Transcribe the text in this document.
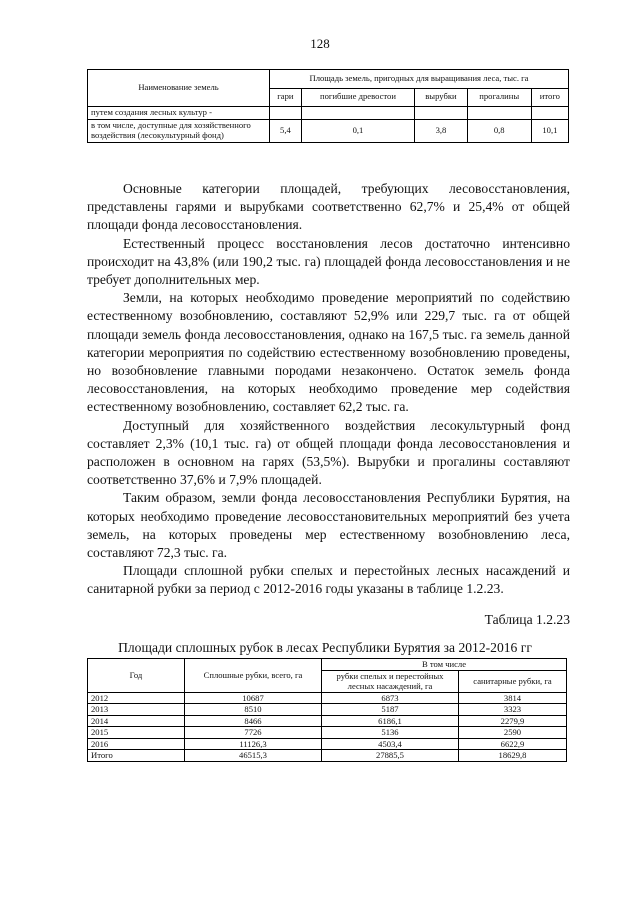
128
Наименование земель	Площадь земель, пригодных для выращивания леса, тыс. га				
	гари	погибшие древостои	вырубки	прогалины	итого
путем создания лесных культур -					
в том числе, доступные для хозяйственного воздействия (лесокультурный фонд)	5,4	0,1	3,8	0,8	10,1

Основные категории площадей, требующих лесовосстановления, представлены гарями и вырубками соответственно 62,7% и 25,4% от общей площади фонда лесовосстановления.

Естественный процесс восстановления лесов достаточно интенсивно происходит на 43,8% (или 190,2 тыс. га) площадей фонда лесовосстановления и не требует дополнительных мер.

Земли, на которых необходимо проведение мероприятий по содействию естественному возобновлению, составляют 52,9% или 229,7 тыс. га от общей площади земель фонда лесовосстановления, однако на 167,5 тыс. га земель данной категории мероприятия по содействию естественному возобновлению проведены, но возобновление главными породами незакончено. Остаток земель фонда лесовосстановления, на которых необходимо проведение мер содействия естественному возобновлению, составляет 62,2 тыс. га.

Доступный для хозяйственного воздействия лесокультурный фонд составляет 2,3% (10,1 тыс. га) от общей площади фонда лесовосстановления и расположен в основном на гарях (53,5%). Вырубки и прогалины составляют соответственно 37,6% и 7,9% площадей.

Таким образом, земли фонда лесовосстановления Республики Бурятия, на которых необходимо проведение лесовосстановительных мероприятий без учета земель, на которых проведены мер естественному возобновлению леса, составляют 72,3 тыс. га.

Площади сплошной рубки спелых и перестойных лесных насаждений и санитарной рубки за период с 2012-2016 годы указаны в таблице 1.2.23.

Таблица 1.2.23
Площади сплошных рубок в лесах Республики Бурятия за 2012-2016 гг
Год	Сплошные рубки, всего, га	В том числе	
		рубки спелых и перестойных лесных насаждений, га	санитарные рубки, га
2012	10687	6873	3814
2013	8510	5187	3323
2014	8466	6186,1	2279,9
2015	7726	5136	2590
2016	11126,3	4503,4	6622,9
Итого	46515,3	27885,5	18629,8
